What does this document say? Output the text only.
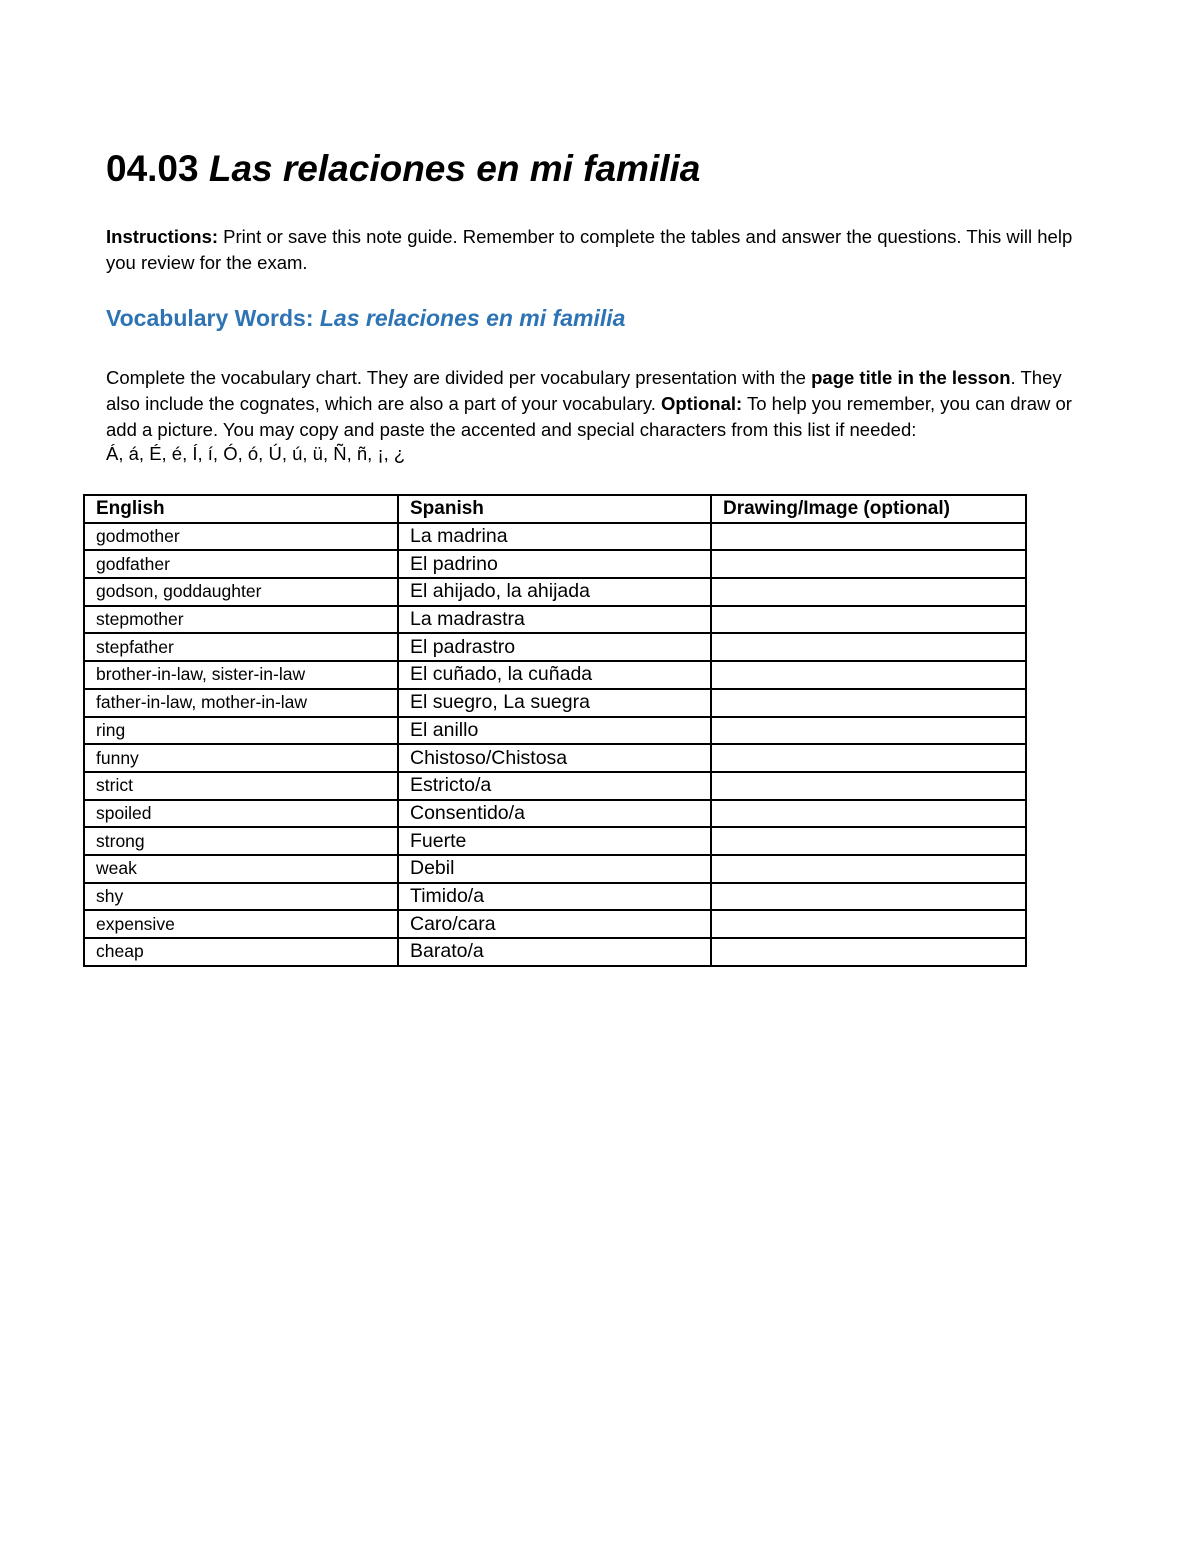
04.03 Las relaciones en mi familia

Instructions: Print or save this note guide. Remember to complete the tables and answer the questions. This will help you review for the exam.

Vocabulary Words: Las relaciones en mi familia

Complete the vocabulary chart. They are divided per vocabulary presentation with the page title in the lesson. They also include the cognates, which are also a part of your vocabulary. Optional: To help you remember, you can draw or add a picture. You may copy and paste the accented and special characters from this list if needed:

Á, á, É, é, Í, í, Ó, ó, Ú, ú, ü, Ñ, ñ, ¡, ¿

English	Spanish	Drawing/Image (optional)
godmother	La madrina	
godfather	El padrino	
godson, goddaughter	El ahijado, la ahijada	
stepmother	La madrastra	
stepfather	El padrastro	
brother-in-law, sister-in-law	El cuñado, la cuñada	
father-in-law, mother-in-law	El suegro, La suegra	
ring	El anillo	
funny	Chistoso/Chistosa	
strict	Estricto/a	
spoiled	Consentido/a	
strong	Fuerte	
weak	Debil	
shy	Timido/a	
expensive	Caro/cara	
cheap	Barato/a	
